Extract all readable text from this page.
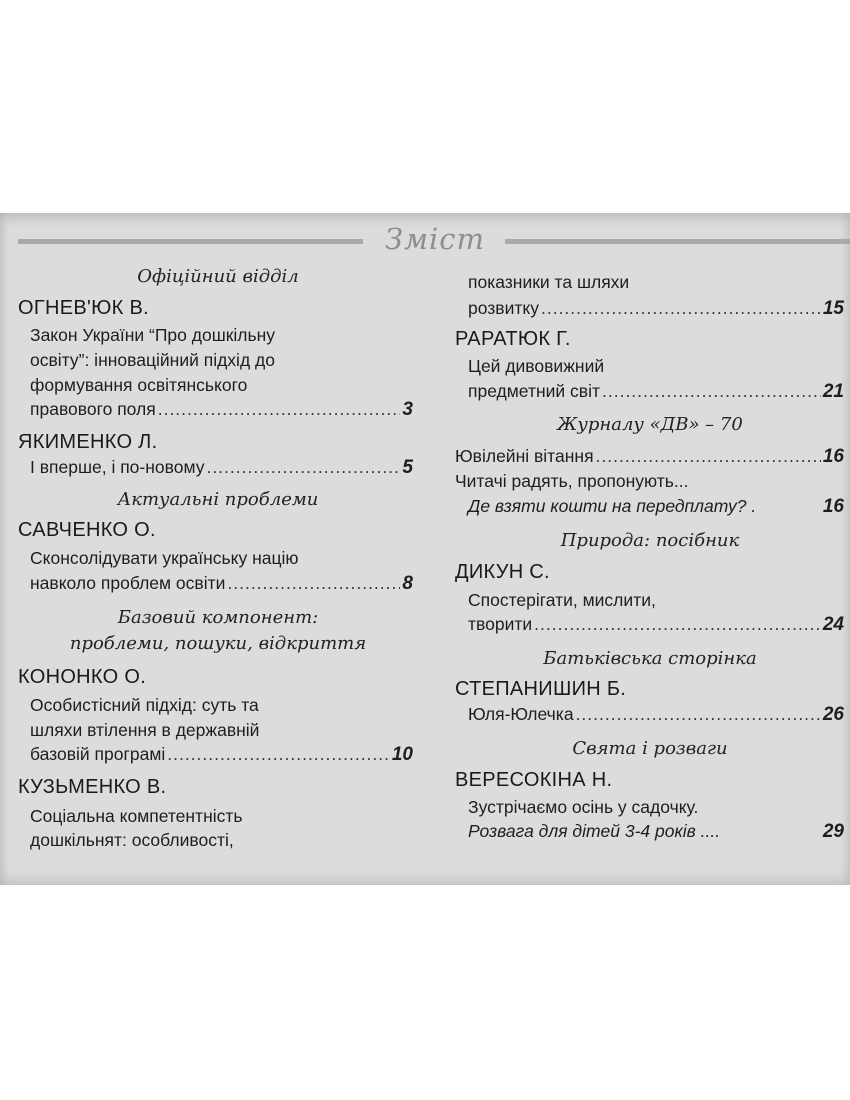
Зміст
Офіційний відділ
ОГНЕВ'ЮК В.
Закон України “Про дошкільну
освіту”: інноваційний підхід до
формування освітянського
правового поля .....	3
ЯКИМЕНКО Л.
І вперше, і по-новому .....	5
Актуальні проблеми
САВЧЕНКО О.
Сконсолідувати українську націю
навколо проблем освіти .....	8
Базовий компонент:
проблеми, пошуки, відкриття
КОНОНКО О.
Особистісний підхід: суть та
шляхи втілення в державній
базовій програмі .....	10
КУЗЬМЕНКО В.
Соціальна компетентність
дошкільнят: особливості,
показники та шляхи
розвитку .....	15
РАРАТЮК Г.
Цей дивовижний
предметний світ .....	21
Журналу «ДВ» – 70
Ювілейні вітання .....	16
Читачі радять, пропонують...
Де взяти кошти на передплату? .	16
Природа: посібник
ДИКУН С.
Спостерігати, мислити,
творити .....	24
Батьківська сторінка
СТЕПАНИШИН Б.
Юля-Юлечка .....	26
Свята і розваги
ВЕРЕСОКІНА Н.
Зустрічаємо осінь у садочку.
Розвага для дітей 3-4 років ....	29
